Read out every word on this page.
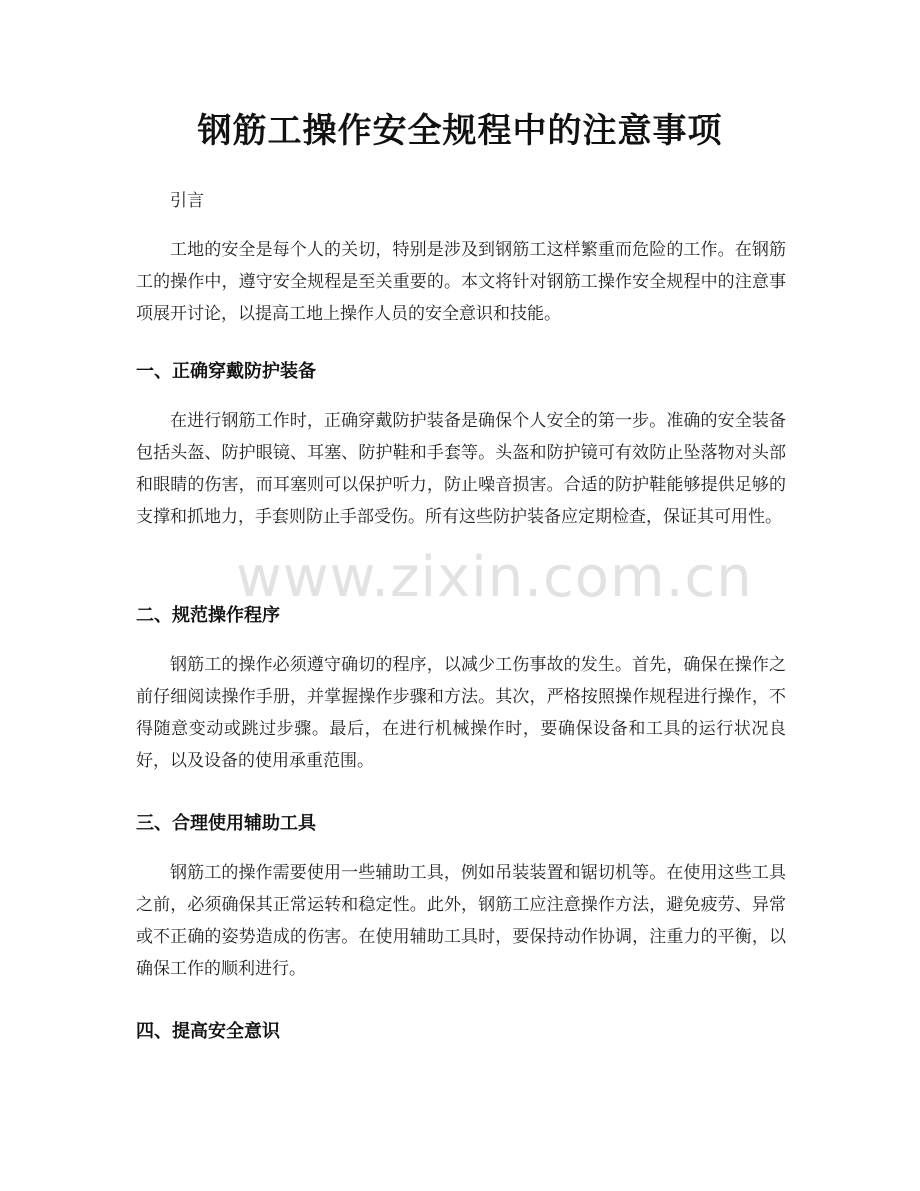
钢筋工操作安全规程中的注意事项
引言
工地的安全是每个人的关切，特别是涉及到钢筋工这样繁重而危险的工作。在钢筋工的操作中，遵守安全规程是至关重要的。本文将针对钢筋工操作安全规程中的注意事项展开讨论，以提高工地上操作人员的安全意识和技能。
一、正确穿戴防护装备
在进行钢筋工作时，正确穿戴防护装备是确保个人安全的第一步。准确的安全装备包括头盔、防护眼镜、耳塞、防护鞋和手套等。头盔和防护镜可有效防止坠落物对头部和眼睛的伤害，而耳塞则可以保护听力，防止噪音损害。合适的防护鞋能够提供足够的支撑和抓地力，手套则防止手部受伤。所有这些防护装备应定期检查，保证其可用性。
二、规范操作程序
钢筋工的操作必须遵守确切的程序，以减少工伤事故的发生。首先，确保在操作之前仔细阅读操作手册，并掌握操作步骤和方法。其次，严格按照操作规程进行操作，不得随意变动或跳过步骤。最后，在进行机械操作时，要确保设备和工具的运行状况良好，以及设备的使用承重范围。
三、合理使用辅助工具
钢筋工的操作需要使用一些辅助工具，例如吊装装置和锯切机等。在使用这些工具之前，必须确保其正常运转和稳定性。此外，钢筋工应注意操作方法，避免疲劳、异常或不正确的姿势造成的伤害。在使用辅助工具时，要保持动作协调，注重力的平衡，以确保工作的顺利进行。
四、提高安全意识
www.zixin.com.cn
